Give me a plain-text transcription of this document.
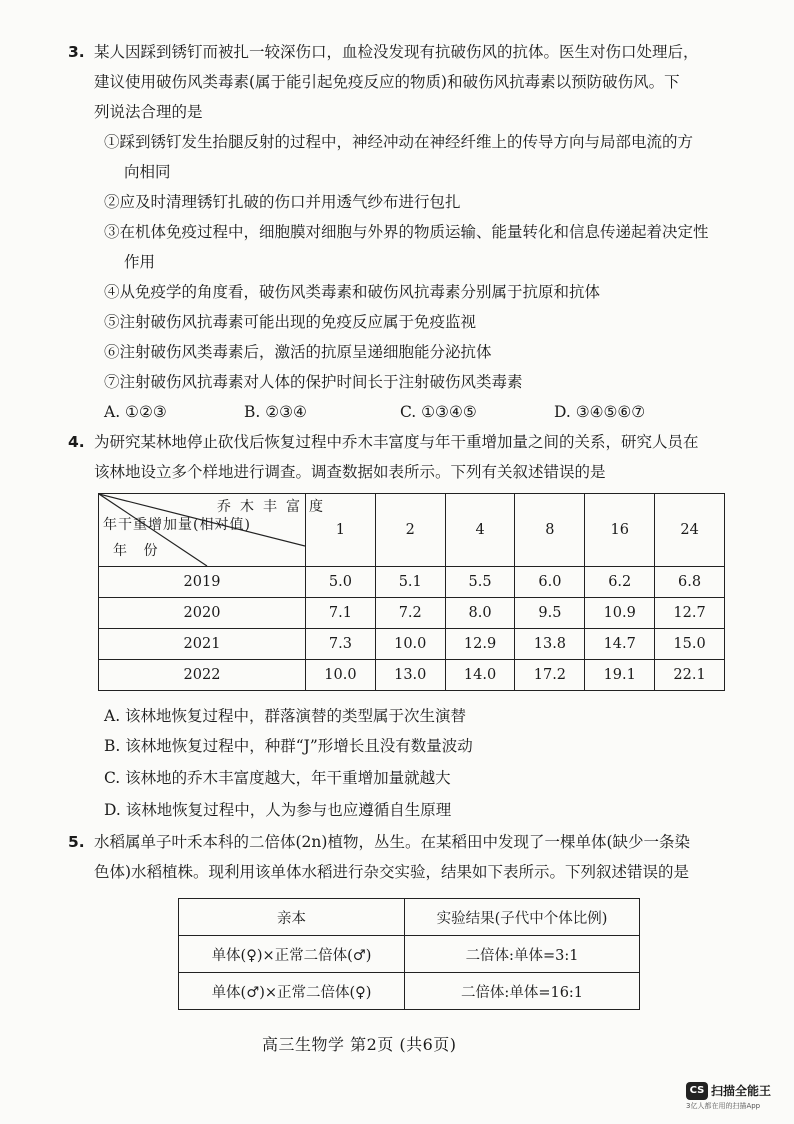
3. 某人因踩到锈钉而被扎一较深伤口，血检没发现有抗破伤风的抗体。医生对伤口处理后，
建议使用破伤风类毒素(属于能引起免疫反应的物质)和破伤风抗毒素以预防破伤风。下
列说法合理的是
①踩到锈钉发生抬腿反射的过程中，神经冲动在神经纤维上的传导方向与局部电流的方
向相同
②应及时清理锈钉扎破的伤口并用透气纱布进行包扎
③在机体免疫过程中，细胞膜对细胞与外界的物质运输、能量转化和信息传递起着决定性
作用
④从免疫学的角度看，破伤风类毒素和破伤风抗毒素分别属于抗原和抗体
⑤注射破伤风抗毒素可能出现的免疫反应属于免疫监视
⑥注射破伤风类毒素后，激活的抗原呈递细胞能分泌抗体
⑦注射破伤风抗毒素对人体的保护时间长于注射破伤风类毒素
A. ①②③	B. ②③④	C. ①③④⑤	D. ③④⑤⑥⑦
4. 为研究某林地停止砍伐后恢复过程中乔木丰富度与年干重增加量之间的关系，研究人员在
该林地设立多个样地进行调查。调查数据如表所示。下列有关叙述错误的是
乔木丰富度
年干重增加量(相对值)
年 份	1	2	4	8	16	24
2019	5.0	5.1	5.5	6.0	6.2	6.8
2020	7.1	7.2	8.0	9.5	10.9	12.7
2021	7.3	10.0	12.9	13.8	14.7	15.0
2022	10.0	13.0	14.0	17.2	19.1	22.1
A. 该林地恢复过程中，群落演替的类型属于次生演替
B. 该林地恢复过程中，种群“J”形增长且没有数量波动
C. 该林地的乔木丰富度越大，年干重增加量就越大
D. 该林地恢复过程中，人为参与也应遵循自生原理
5. 水稻属单子叶禾本科的二倍体(2n)植物，丛生。在某稻田中发现了一棵单体(缺少一条染
色体)水稻植株。现利用该单体水稻进行杂交实验，结果如下表所示。下列叙述错误的是
亲本	实验结果(子代中个体比例)
单体(♀)×正常二倍体(♂)	二倍体:单体=3:1
单体(♂)×正常二倍体(♀)	二倍体:单体=16:1
高三生物学 第2页 (共6页)
CS 扫描全能王
3亿人都在用的扫描App
